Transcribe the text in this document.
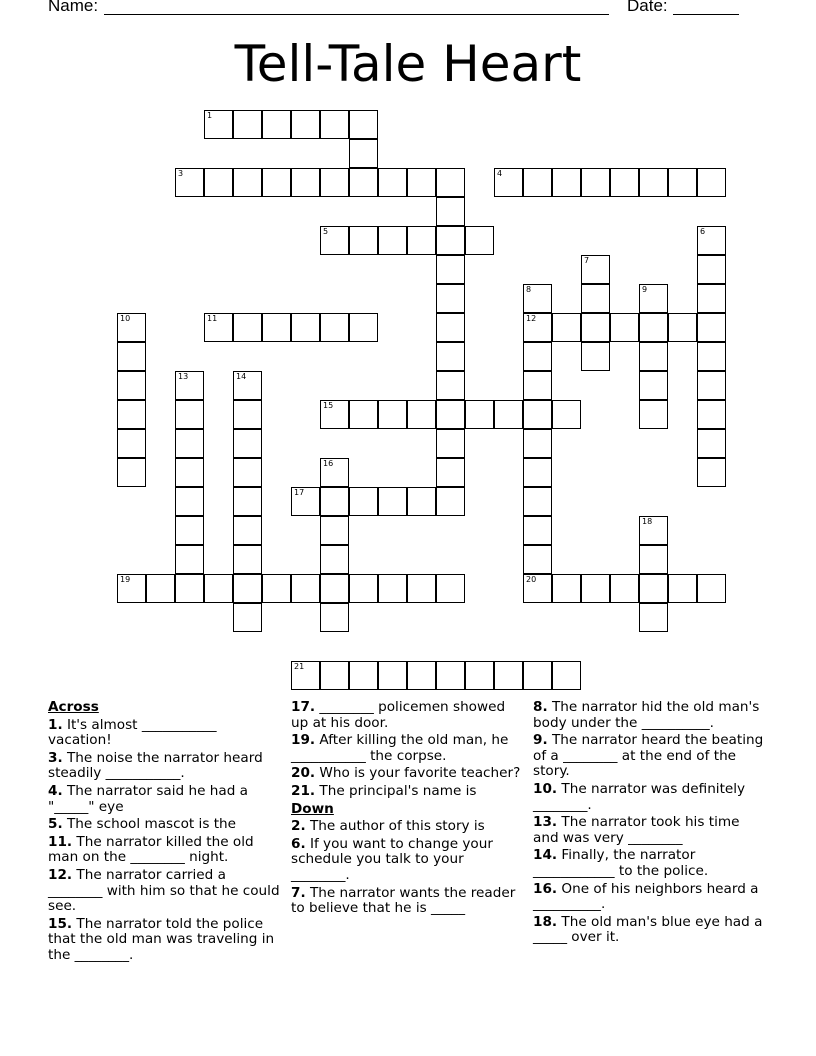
Name:	Date:
Tell-Tale Heart
1
3	4
5	6
7
8	9
10	11	12
13	14
15
16
17
18
19	20
21
Across
1. It's almost ___________ vacation!
3. The noise the narrator heard steadily ___________.
4. The narrator said he had a "_____" eye
5. The school mascot is the
11. The narrator killed the old man on the ________ night.
12. The narrator carried a ________ with him so that he could see.
15. The narrator told the police that the old man was traveling in the ________.
17. ________ policemen showed up at his door.
19. After killing the old man, he ___________ the corpse.
20. Who is your favorite teacher?
21. The principal's name is
Down
2. The author of this story is
6. If you want to change your schedule you talk to your ________.
7. The narrator wants the reader to believe that he is _____
8. The narrator hid the old man's body under the __________.
9. The narrator heard the beating of a ________ at the end of the story.
10. The narrator was definitely ________.
13. The narrator took his time and was very ________
14. Finally, the narrator ____________ to the police.
16. One of his neighbors heard a __________.
18. The old man's blue eye had a _____ over it.
